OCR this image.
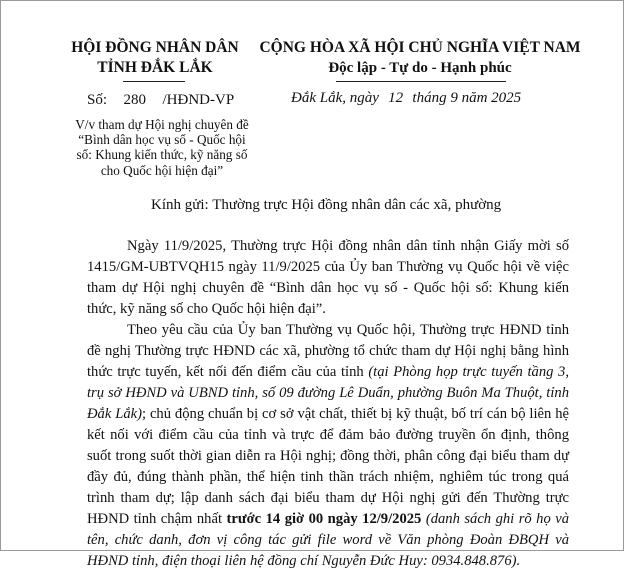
HỘI ĐỒNG NHÂN DÂN
TỈNH ĐẮK LẮK
Số: 280 /HĐND-VP
V/v tham dự Hội nghị chuyên đề
“Bình dân học vụ số - Quốc hội
số: Khung kiến thức, kỹ năng số
cho Quốc hội hiện đại”
CỘNG HÒA XÃ HỘI CHỦ NGHĨA VIỆT NAM
Độc lập - Tự do - Hạnh phúc
Đắk Lắk, ngày 12 tháng 9 năm 2025
Kính gửi: Thường trực Hội đồng nhân dân các xã, phường
Ngày 11/9/2025, Thường trực Hội đồng nhân dân tỉnh nhận Giấy mời số
1415/GM-UBTVQH15 ngày 11/9/2025 của Ủy ban Thường vụ Quốc hội về việc
tham dự Hội nghị chuyên đề “Bình dân học vụ số - Quốc hội số: Khung kiến
thức, kỹ năng số cho Quốc hội hiện đại”.
Theo yêu cầu của Ủy ban Thường vụ Quốc hội, Thường trực HĐND tỉnh
đề nghị Thường trực HĐND các xã, phường tổ chức tham dự Hội nghị bằng hình
thức trực tuyến, kết nối đến điểm cầu của tỉnh (tại Phòng họp trực tuyến tầng 3,
trụ sở HĐND và UBND tỉnh, số 09 đường Lê Duẩn, phường Buôn Ma Thuột, tỉnh
Đắk Lắk); chủ động chuẩn bị cơ sở vật chất, thiết bị kỹ thuật, bố trí cán bộ liên hệ
kết nối với điểm cầu của tỉnh và trực để đảm bảo đường truyền ổn định, thông
suốt trong suốt thời gian diễn ra Hội nghị; đồng thời, phân công đại biểu tham dự
đầy đủ, đúng thành phần, thể hiện tinh thần trách nhiệm, nghiêm túc trong quá
trình tham dự; lập danh sách đại biểu tham dự Hội nghị gửi đến Thường trực
HĐND tỉnh chậm nhất trước 14 giờ 00 ngày 12/9/2025 (danh sách ghi rõ họ và
tên, chức danh, đơn vị công tác gửi file word về Văn phòng Đoàn ĐBQH và
HĐND tỉnh, điện thoại liên hệ đồng chí Nguyễn Đức Huy: 0934.848.876).
